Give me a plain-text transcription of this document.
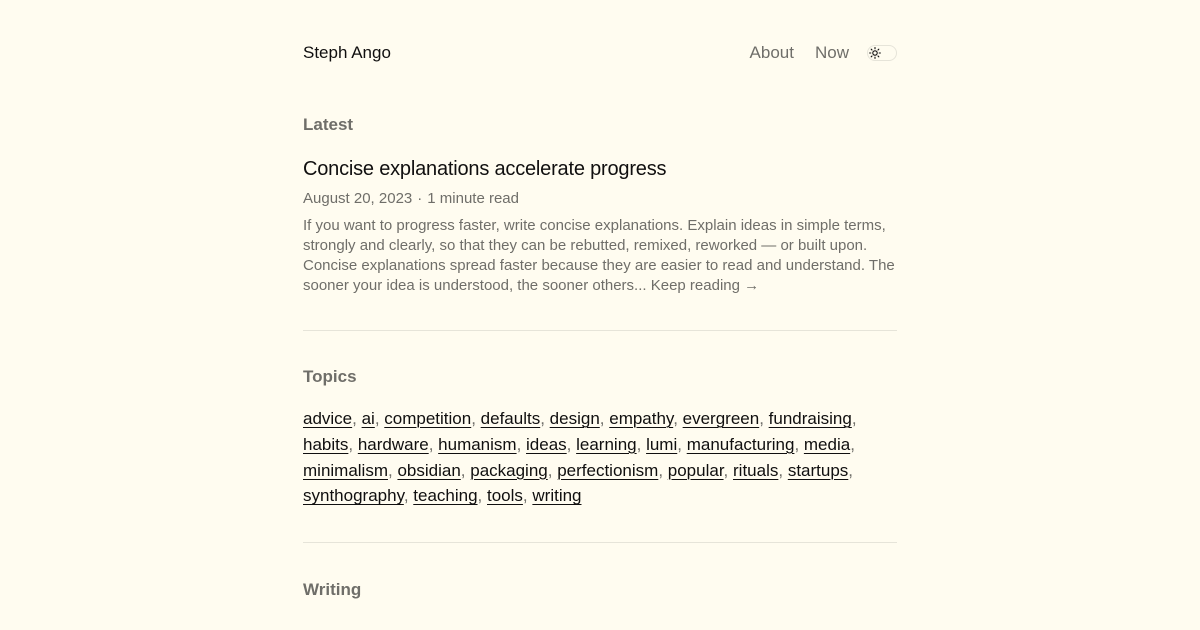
Steph Ango	About Now
Latest
Concise explanations accelerate progress
August 20, 2023 · 1 minute read

If you want to progress faster, write concise explanations. Explain ideas in simple terms, strongly and clearly, so that they can be rebutted, remixed, reworked — or built upon. Concise explanations spread faster because they are easier to read and understand. The sooner your idea is understood, the sooner others... Keep reading →

Topics

advice, ai, competition, defaults, design, empathy, evergreen, fundraising, habits, hardware, humanism, ideas, learning, lumi, manufacturing, media, minimalism, obsidian, packaging, perfectionism, popular, rituals, startups, synthography, teaching, tools, writing

Writing
